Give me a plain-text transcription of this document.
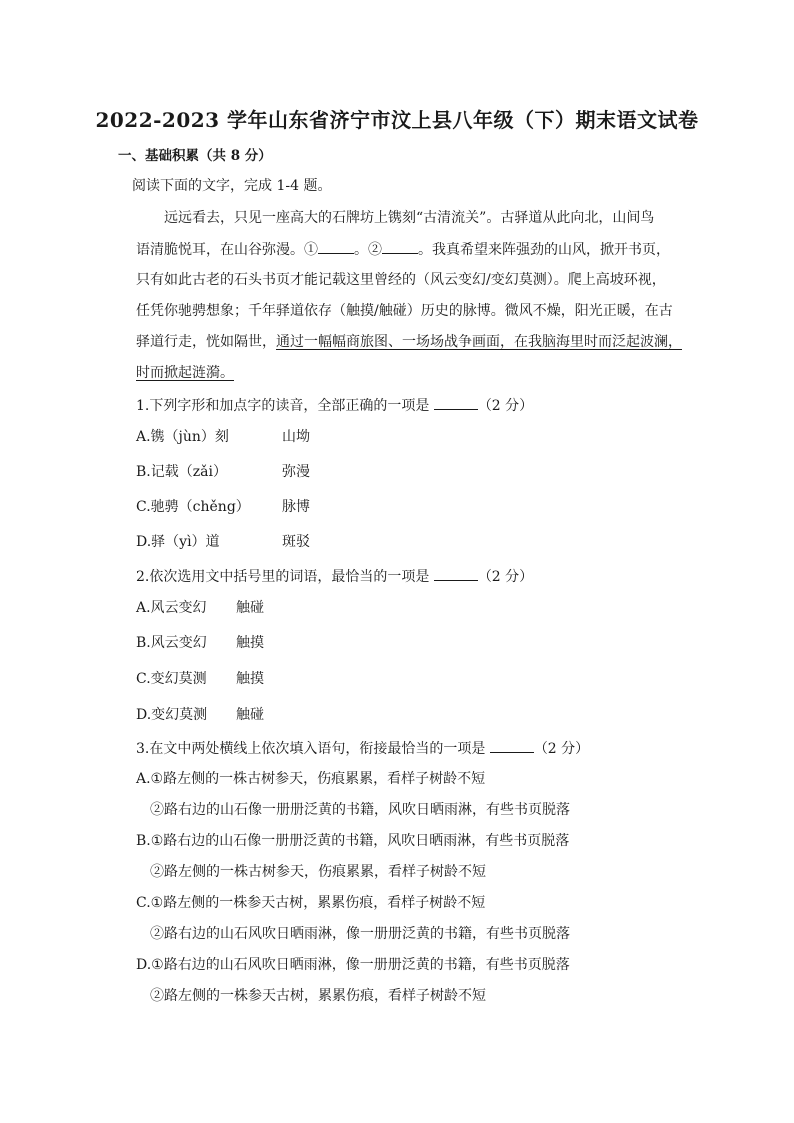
2022-2023 学年山东省济宁市汶上县八年级（下）期末语文试卷
一、基础积累（共 8 分）
阅读下面的文字，完成 1-4 题。
远远看去，只见一座高大的石牌坊上镌刻“古清流关”。古驿道从此向北，山间鸟
语清脆悦耳，在山谷弥漫。①	。②	。我真希望来阵强劲的山风，掀开书页，
只有如此古老的石头书页才能记载这里曾经的（风云变幻/变幻莫测）。爬上高坡环视，
任凭你驰骋想象；千年驿道依存（触摸/触碰）历史的脉博。微风不燥，阳光正暖，在古
驿道行走，恍如隔世，通过一幅幅商旅图、一场场战争画面，在我脑海里时而泛起波澜，
时而掀起涟漪。
1.下列字形和加点字的读音，全部正确的一项是	（2 分）
A.镌（jùn）刻	山坳
B.记载（zǎi）	弥漫
C.驰骋（chěng） 脉博
D.驿（yì）道	斑驳
2.依次选用文中括号里的词语，最恰当的一项是	（2 分）
A.风云变幻 触碰
B.风云变幻 触摸
C.变幻莫测 触摸
D.变幻莫测 触碰
3.在文中两处横线上依次填入语句，衔接最恰当的一项是	（2 分）
A.①路左侧的一株古树参天，伤痕累累，看样子树龄不短
②路右边的山石像一册册泛黄的书籍，风吹日晒雨淋，有些书页脱落
B.①路右边的山石像一册册泛黄的书籍，风吹日晒雨淋，有些书页脱落
②路左侧的一株古树参天，伤痕累累，看样子树龄不短
C.①路左侧的一株参天古树，累累伤痕，看样子树龄不短
②路右边的山石风吹日晒雨淋，像一册册泛黄的书籍，有些书页脱落
D.①路右边的山石风吹日晒雨淋，像一册册泛黄的书籍，有些书页脱落
②路左侧的一株参天古树，累累伤痕，看样子树龄不短
